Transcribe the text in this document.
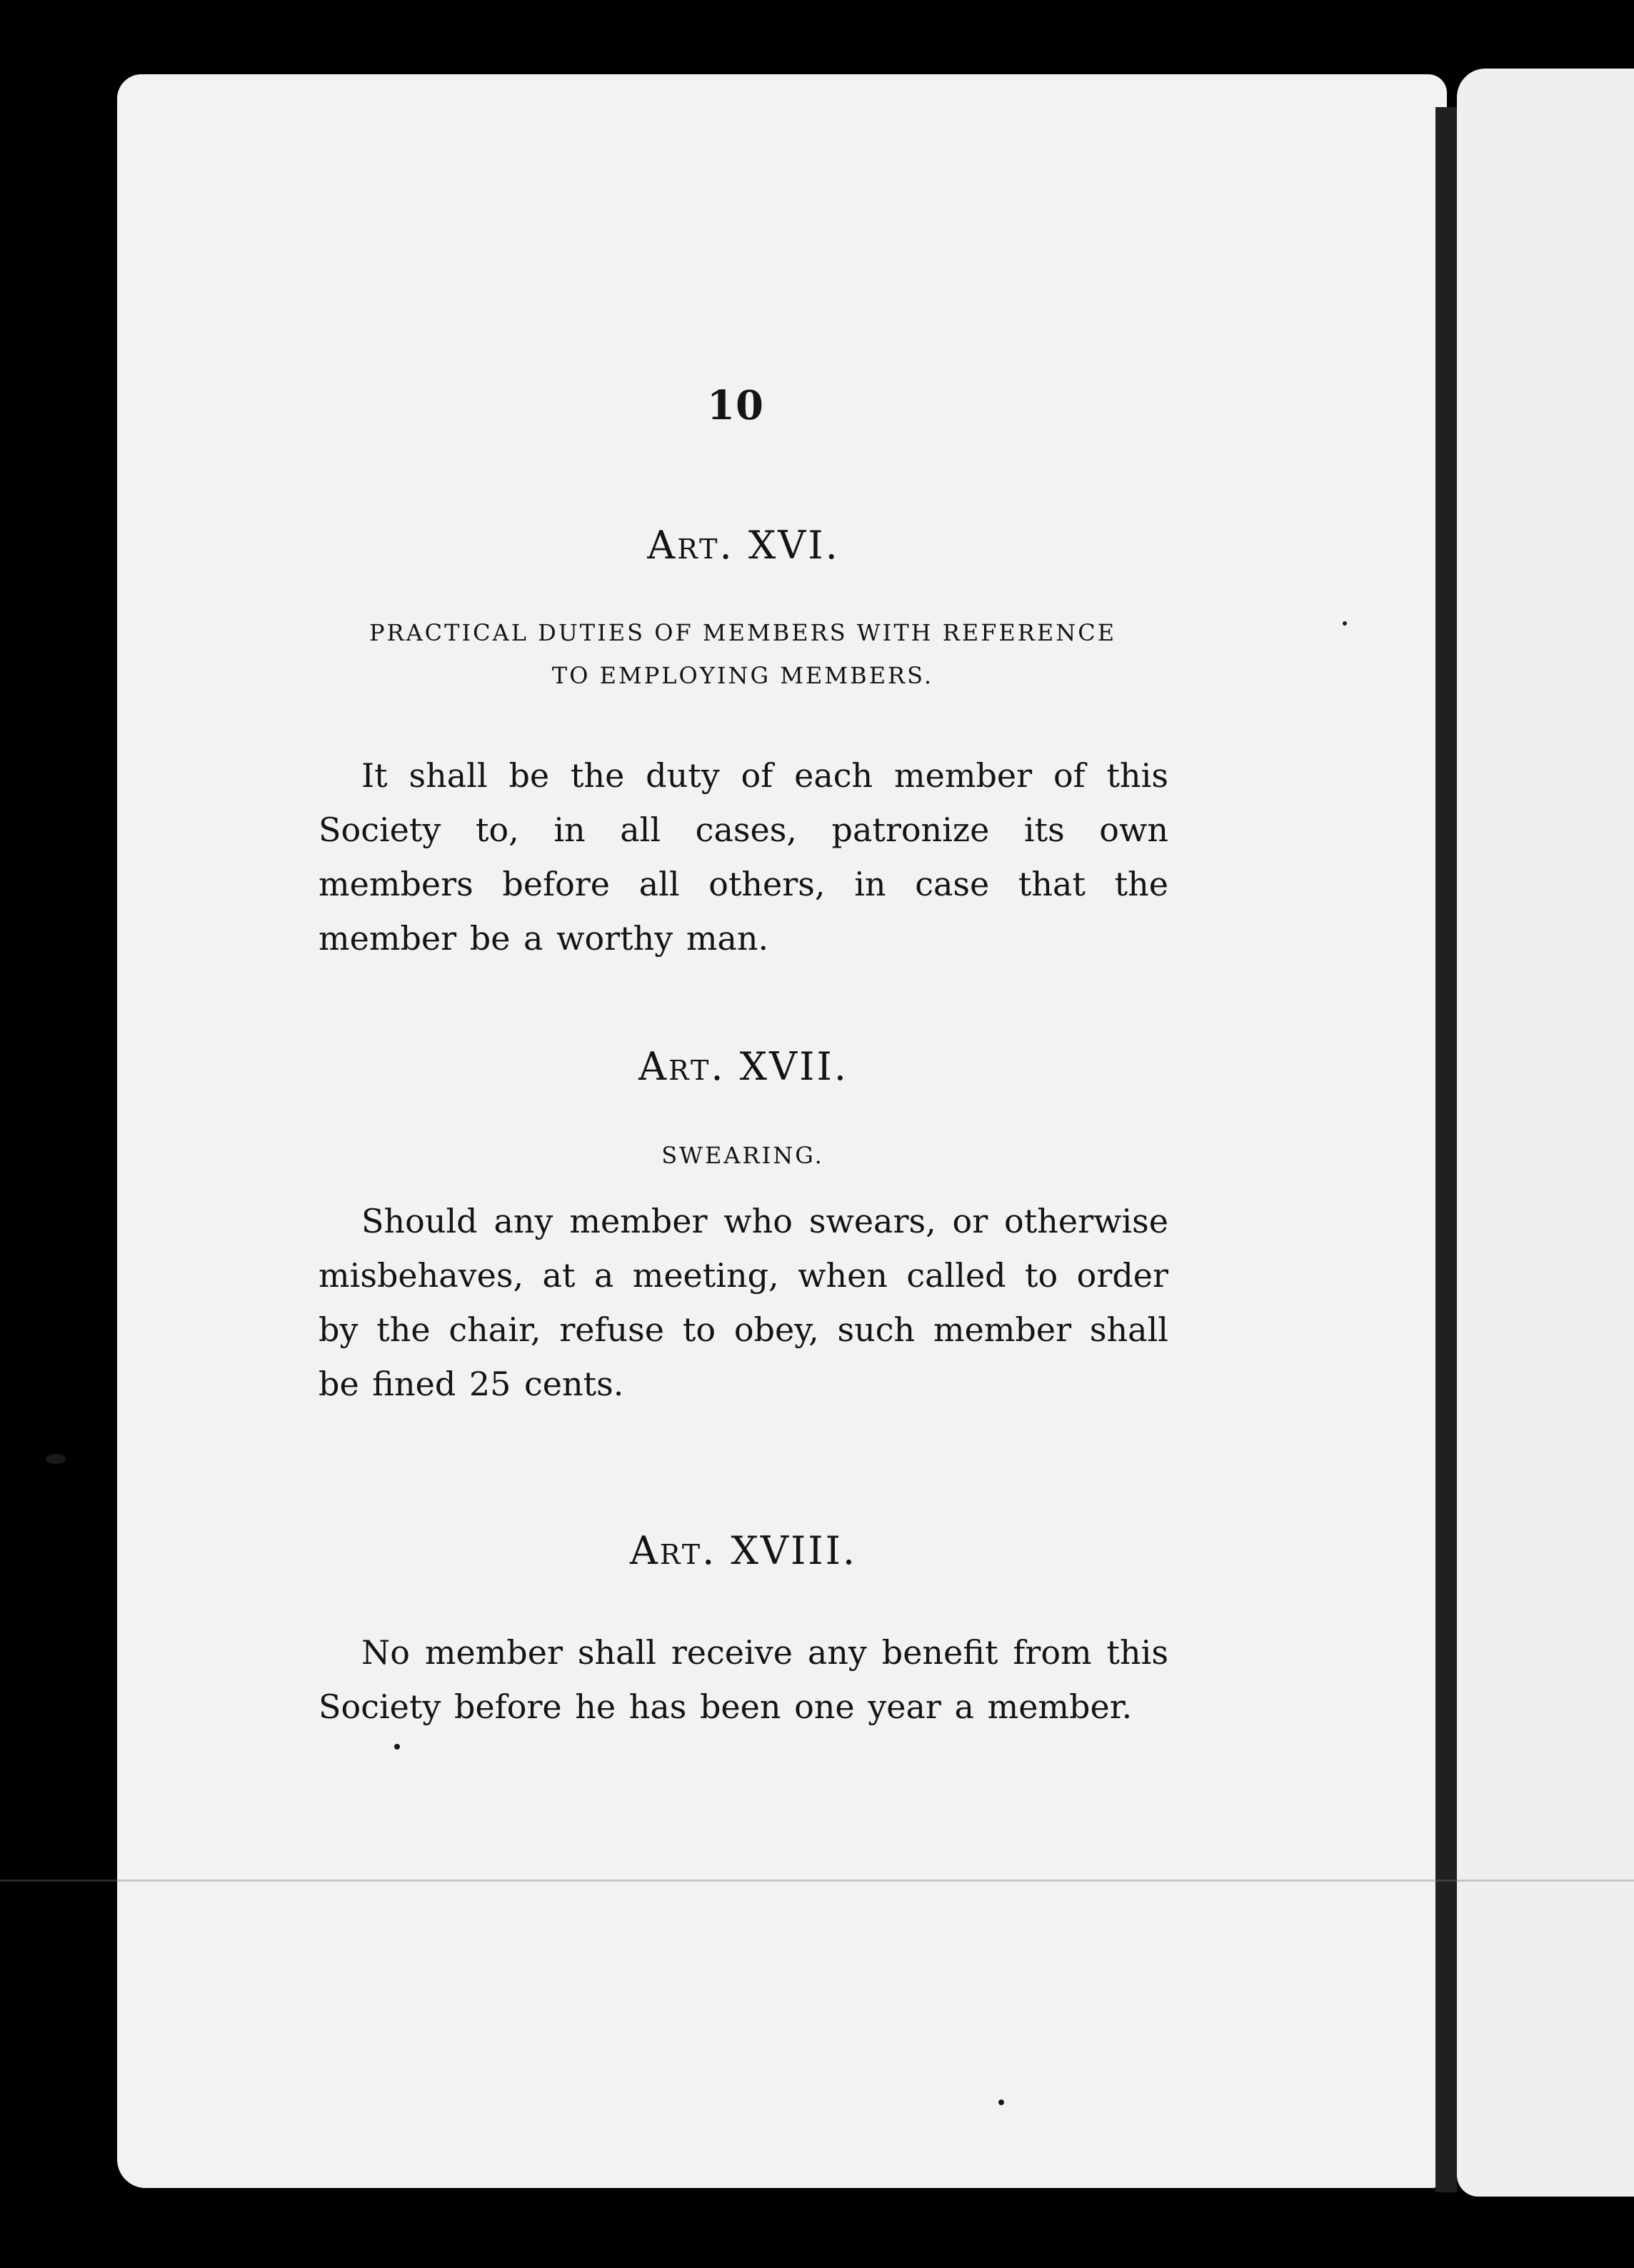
10
Art. XVI.
PRACTICAL DUTIES OF MEMBERS WITH REFERENCE
TO EMPLOYING MEMBERS.
It shall be the duty of each member of this Society to, in all cases, patronize its own members before all others, in case that the member be a worthy man.
Art. XVII.
SWEARING.
Should any member who swears, or otherwise misbehaves, at a meeting, when called to order by the chair, refuse to obey, such member shall be fined 25 cents.
Art. XVIII.
No member shall receive any benefit from this Society before he has been one year a member.
